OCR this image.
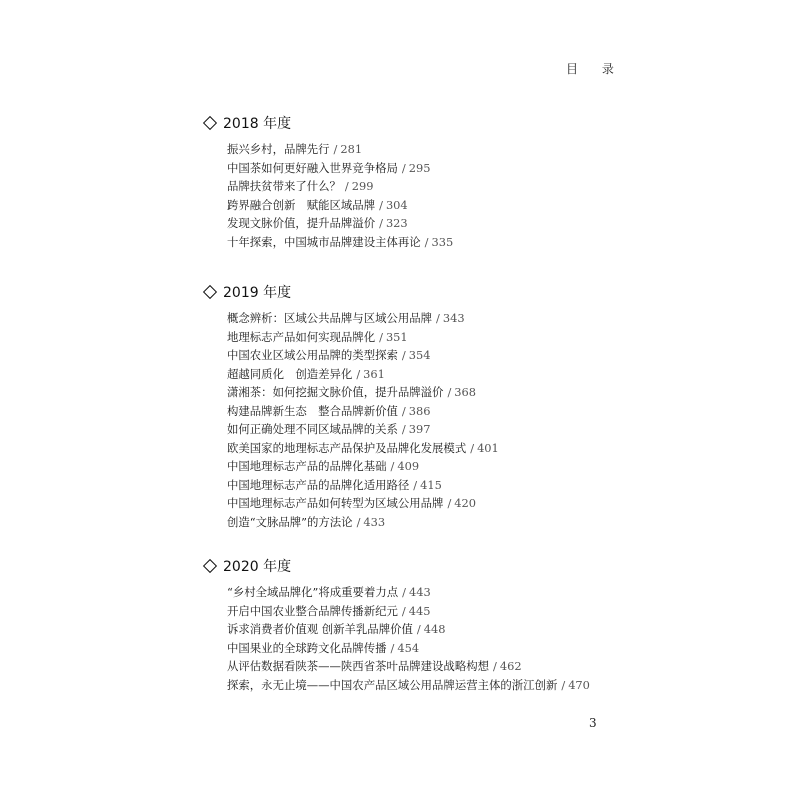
目 录
2018 年度
振兴乡村，品牌先行 / 281
中国茶如何更好融入世界竞争格局 / 295
品牌扶贫带来了什么？ / 299
跨界融合创新　赋能区域品牌 / 304
发现文脉价值，提升品牌溢价 / 323
十年探索，中国城市品牌建设主体再论 / 335
2019 年度
概念辨析：区域公共品牌与区域公用品牌 / 343
地理标志产品如何实现品牌化 / 351
中国农业区域公用品牌的类型探索 / 354
超越同质化　创造差异化 / 361
潇湘茶：如何挖掘文脉价值，提升品牌溢价 / 368
构建品牌新生态　整合品牌新价值 / 386
如何正确处理不同区域品牌的关系 / 397
欧美国家的地理标志产品保护及品牌化发展模式 / 401
中国地理标志产品的品牌化基础 / 409
中国地理标志产品的品牌化适用路径 / 415
中国地理标志产品如何转型为区域公用品牌 / 420
创造“文脉品牌”的方法论 / 433
2020 年度
“乡村全域品牌化”将成重要着力点 / 443
开启中国农业整合品牌传播新纪元 / 445
诉求消费者价值观 创新羊乳品牌价值 / 448
中国果业的全球跨文化品牌传播 / 454
从评估数据看陕茶——陕西省茶叶品牌建设战略构想 / 462
探索，永无止境——中国农产品区域公用品牌运营主体的浙江创新 / 470
3
